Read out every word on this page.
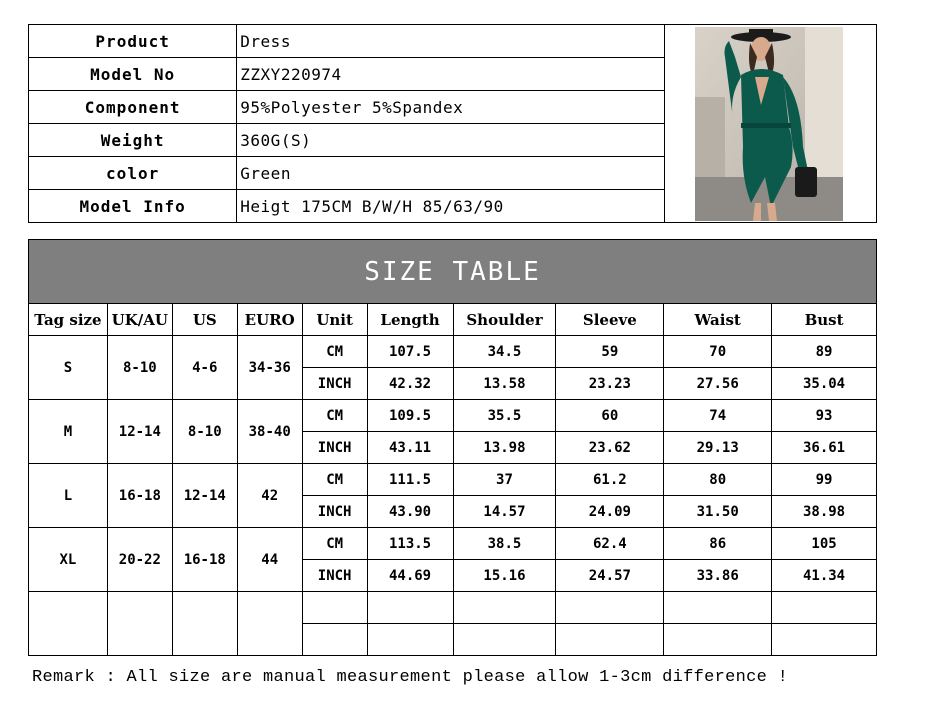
Product	Dress	

Model No	ZZXY220974	
Component	95%Polyester 5%Spandex	
Weight	360G(S)	
color	Green	
Model Info	Heigt 175CM B/W/H 85/63/90	
SIZE TABLE									
Tag size	UK/AU	US	EURO	Unit	Length	Shoulder	Sleeve	Waist	Bust
S	8-10	4-6	34-36	CM	107.5	34.5	59	70	89
				INCH	42.32	13.58	23.23	27.56	35.04
M	12-14	8-10	38-40	CM	109.5	35.5	60	74	93
				INCH	43.11	13.98	23.62	29.13	36.61
L	16-18	12-14	42	CM	111.5	37	61.2	80	99
				INCH	43.90	14.57	24.09	31.50	38.98
XL	20-22	16-18	44	CM	113.5	38.5	62.4	86	105
				INCH	44.69	15.16	24.57	33.86	41.34

Remark : All size are manual measurement please allow 1-3cm difference !
